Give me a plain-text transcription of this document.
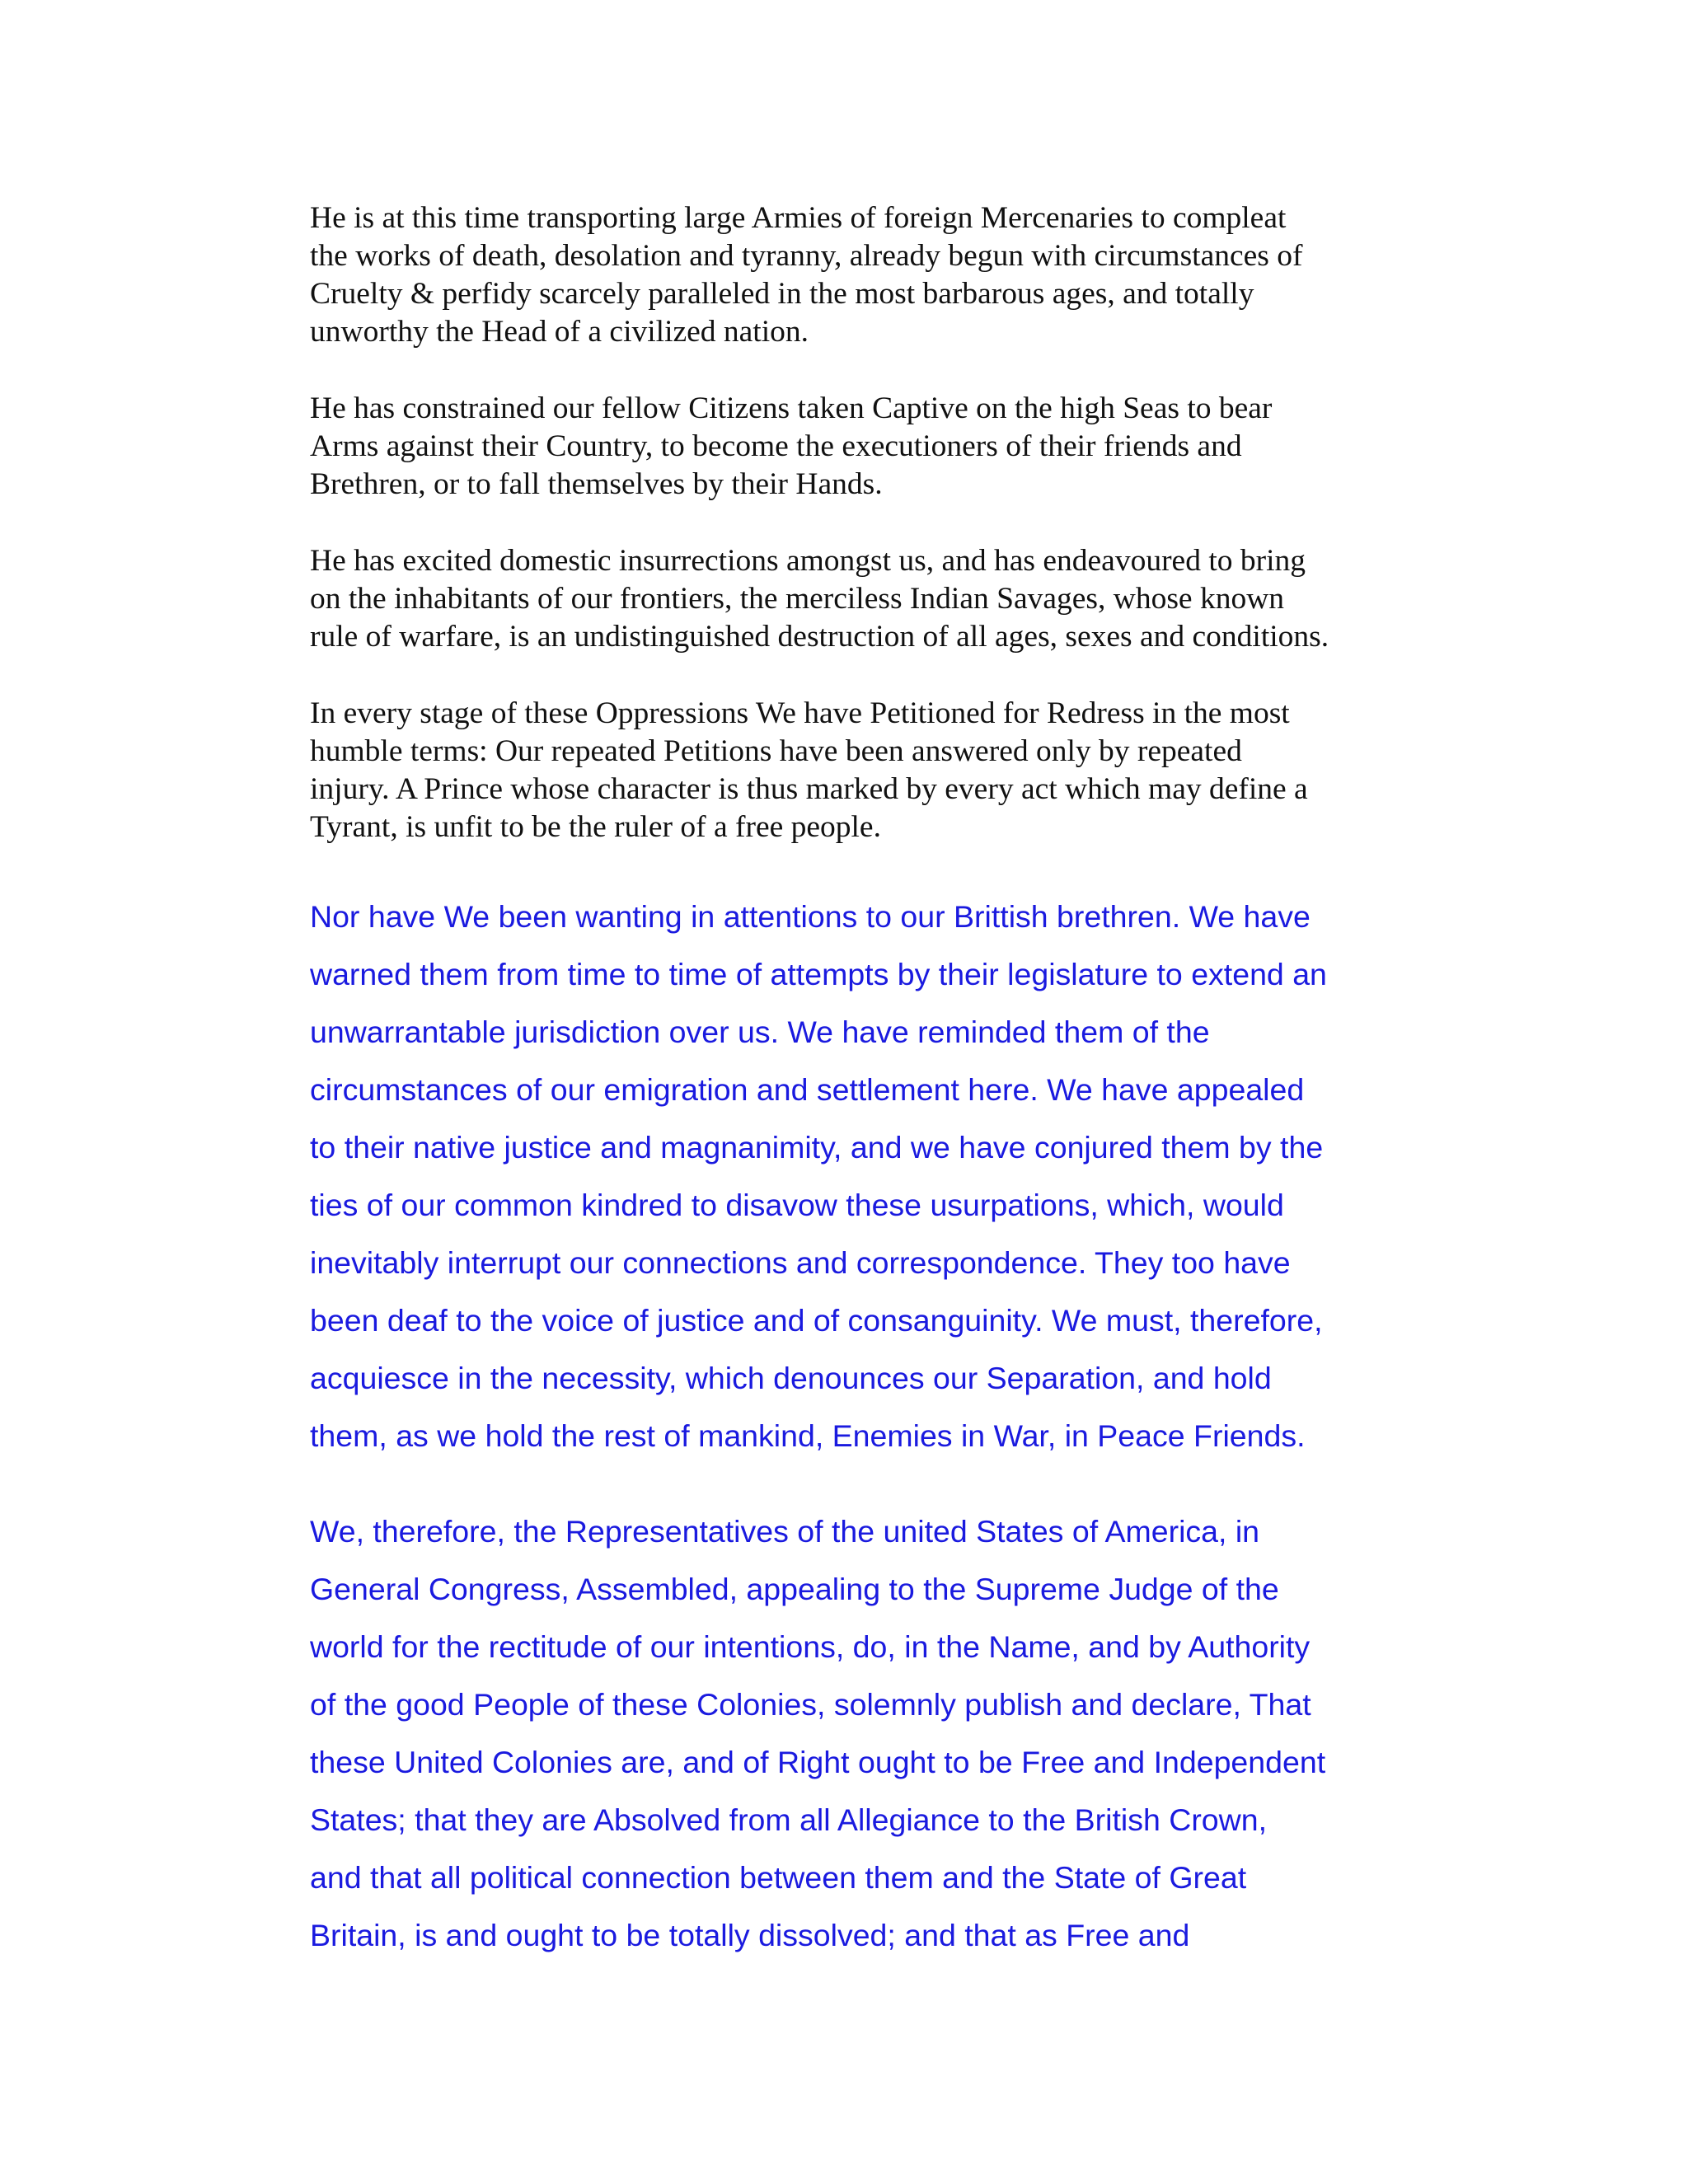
He is at this time transporting large Armies of foreign Mercenaries to compleat
the works of death, desolation and tyranny, already begun with circumstances of
Cruelty & perfidy scarcely paralleled in the most barbarous ages, and totally
unworthy the Head of a civilized nation.

He has constrained our fellow Citizens taken Captive on the high Seas to bear
Arms against their Country, to become the executioners of their friends and
Brethren, or to fall themselves by their Hands.

He has excited domestic insurrections amongst us, and has endeavoured to bring
on the inhabitants of our frontiers, the merciless Indian Savages, whose known
rule of warfare, is an undistinguished destruction of all ages, sexes and conditions.

In every stage of these Oppressions We have Petitioned for Redress in the most
humble terms: Our repeated Petitions have been answered only by repeated
injury. A Prince whose character is thus marked by every act which may define a
Tyrant, is unfit to be the ruler of a free people.

Nor have We been wanting in attentions to our Brittish brethren. We have
warned them from time to time of attempts by their legislature to extend an
unwarrantable jurisdiction over us. We have reminded them of the
circumstances of our emigration and settlement here. We have appealed
to their native justice and magnanimity, and we have conjured them by the
ties of our common kindred to disavow these usurpations, which, would
inevitably interrupt our connections and correspondence. They too have
been deaf to the voice of justice and of consanguinity. We must, therefore,
acquiesce in the necessity, which denounces our Separation, and hold
them, as we hold the rest of mankind, Enemies in War, in Peace Friends.

We, therefore, the Representatives of the united States of America, in
General Congress, Assembled, appealing to the Supreme Judge of the
world for the rectitude of our intentions, do, in the Name, and by Authority
of the good People of these Colonies, solemnly publish and declare, That
these United Colonies are, and of Right ought to be Free and Independent
States; that they are Absolved from all Allegiance to the British Crown,
and that all political connection between them and the State of Great
Britain, is and ought to be totally dissolved; and that as Free and
